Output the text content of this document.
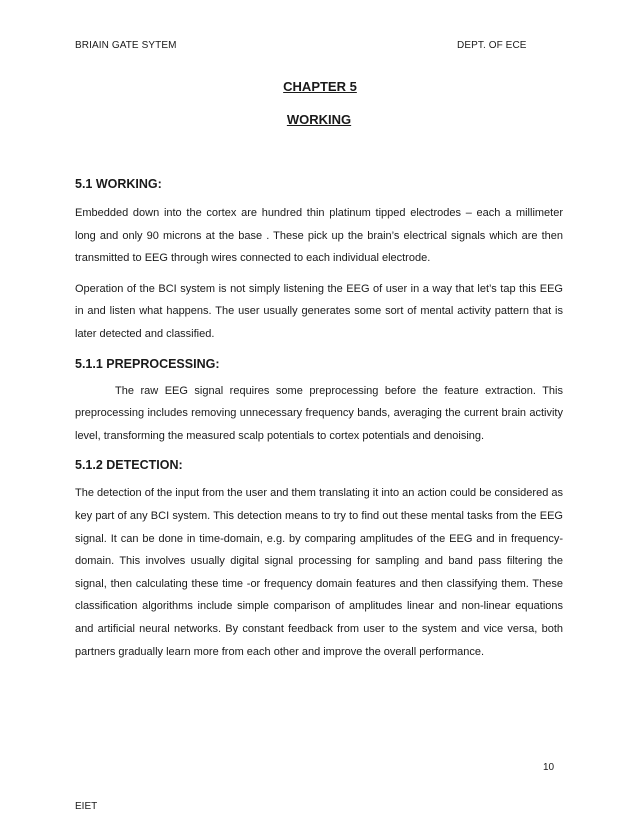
BRIAIN GATE SYTEM	DEPT. OF ECE
CHAPTER 5
WORKING
5.1 WORKING:

Embedded down into the cortex are hundred thin platinum tipped electrodes – each a millimeter long and only 90 microns at the base . These pick up the brain’s electrical signals which are then transmitted to EEG through wires connected to each individual electrode.

Operation of the BCI system is not simply listening the EEG of user in a way that let’s tap this EEG in and listen what happens. The user usually generates some sort of mental activity pattern that is later detected and classified.

5.1.1 PREPROCESSING:

The raw EEG signal requires some preprocessing before the feature extraction. This preprocessing includes removing unnecessary frequency bands, averaging the current brain activity level, transforming the measured scalp potentials to cortex potentials and denoising.

5.1.2 DETECTION:

The detection of the input from the user and them translating it into an action could be considered as key part of any BCI system. This detection means to try to find out these mental tasks from the EEG signal. It can be done in time-domain, e.g. by comparing amplitudes of the EEG and in frequency-domain. This involves usually digital signal processing for sampling and band pass filtering the signal, then calculating these time -or frequency domain features and then classifying them. These classification algorithms include simple comparison of amplitudes linear and non-linear equations and artificial neural networks. By constant feedback from user to the system and vice versa, both partners gradually learn more from each other and improve the overall performance.

10
EIET
